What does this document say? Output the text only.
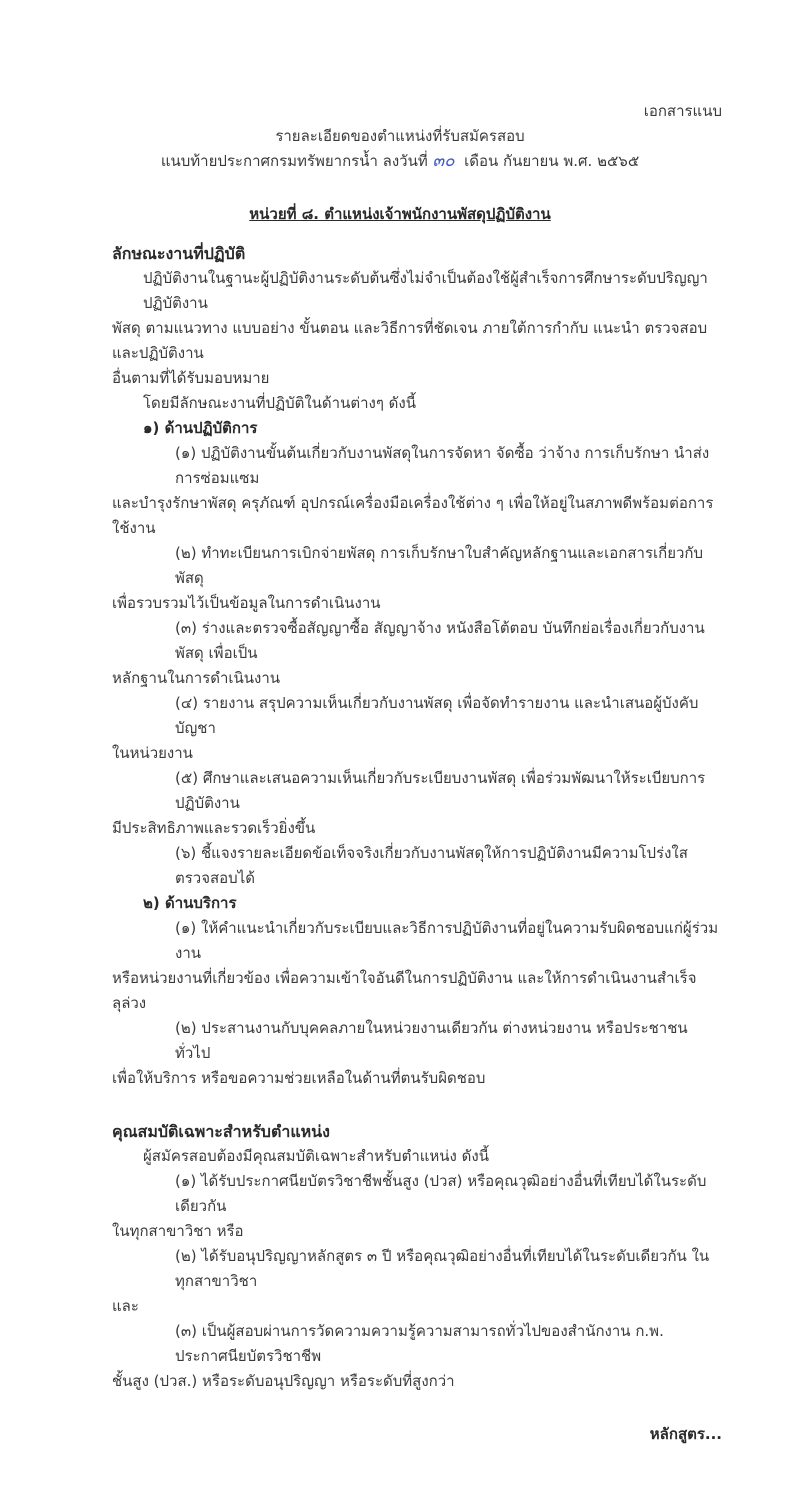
เอกสารแนบ
รายละเอียดของตำแหน่งที่รับสมัครสอบ
แนบท้ายประกาศกรมทรัพยากรน้ำ ลงวันที่ ๓๐ เดือน กันยายน พ.ศ. ๒๕๖๕
หน่วยที่ ๘. ตำแหน่งเจ้าพนักงานพัสดุปฏิบัติงาน
ลักษณะงานที่ปฏิบัติ
ปฏิบัติงานในฐานะผู้ปฏิบัติงานระดับต้นซึ่งไม่จำเป็นต้องใช้ผู้สำเร็จการศึกษาระดับปริญญา ปฏิบัติงาน
พัสดุ ตามแนวทาง แบบอย่าง ขั้นตอน และวิธีการที่ชัดเจน ภายใต้การกำกับ แนะนำ ตรวจสอบ และปฏิบัติงาน
อื่นตามที่ได้รับมอบหมาย
โดยมีลักษณะงานที่ปฏิบัติในด้านต่างๆ ดังนี้
๑) ด้านปฏิบัติการ
(๑) ปฏิบัติงานขั้นต้นเกี่ยวกับงานพัสดุในการจัดหา จัดซื้อ ว่าจ้าง การเก็บรักษา นำส่ง การซ่อมแซม
และบำรุงรักษาพัสดุ ครุภัณฑ์ อุปกรณ์เครื่องมือเครื่องใช้ต่าง ๆ เพื่อให้อยู่ในสภาพดีพร้อมต่อการใช้งาน
(๒) ทำทะเบียนการเบิกจ่ายพัสดุ การเก็บรักษาใบสำคัญหลักฐานและเอกสารเกี่ยวกับพัสดุ
เพื่อรวบรวมไว้เป็นข้อมูลในการดำเนินงาน
(๓) ร่างและตรวจซื้อสัญญาซื้อ สัญญาจ้าง หนังสือโต้ตอบ บันทึกย่อเรื่องเกี่ยวกับงานพัสดุ เพื่อเป็น
หลักฐานในการดำเนินงาน
(๔) รายงาน สรุปความเห็นเกี่ยวกับงานพัสดุ เพื่อจัดทำรายงาน และนำเสนอผู้บังคับบัญชา
ในหน่วยงาน
(๕) ศึกษาและเสนอความเห็นเกี่ยวกับระเบียบงานพัสดุ เพื่อร่วมพัฒนาให้ระเบียบการปฏิบัติงาน
มีประสิทธิภาพและรวดเร็วยิ่งขึ้น
(๖) ชี้แจงรายละเอียดข้อเท็จจริงเกี่ยวกับงานพัสดุให้การปฏิบัติงานมีความโปร่งใส ตรวจสอบได้
๒) ด้านบริการ
(๑) ให้คำแนะนำเกี่ยวกับระเบียบและวิธีการปฏิบัติงานที่อยู่ในความรับผิดชอบแก่ผู้ร่วมงาน
หรือหน่วยงานที่เกี่ยวข้อง เพื่อความเข้าใจอันดีในการปฏิบัติงาน และให้การดำเนินงานสำเร็จลุล่วง
(๒) ประสานงานกับบุคคลภายในหน่วยงานเดียวกัน ต่างหน่วยงาน หรือประชาชนทั่วไป
เพื่อให้บริการ หรือขอความช่วยเหลือในด้านที่ตนรับผิดชอบ
คุณสมบัติเฉพาะสำหรับตำแหน่ง
ผู้สมัครสอบต้องมีคุณสมบัติเฉพาะสำหรับตำแหน่ง ดังนี้
(๑) ได้รับประกาศนียบัตรวิชาชีพชั้นสูง (ปวส) หรือคุณวุฒิอย่างอื่นที่เทียบได้ในระดับเดียวกัน
ในทุกสาขาวิชา หรือ
(๒) ได้รับอนุปริญญาหลักสูตร ๓ ปี หรือคุณวุฒิอย่างอื่นที่เทียบได้ในระดับเดียวกัน ในทุกสาขาวิชา
และ
(๓) เป็นผู้สอบผ่านการวัดความความรู้ความสามารถทั่วไปของสำนักงาน ก.พ. ประกาศนียบัตรวิชาชีพ
ชั้นสูง (ปวส.) หรือระดับอนุปริญญา หรือระดับที่สูงกว่า
หลักสูตร...
